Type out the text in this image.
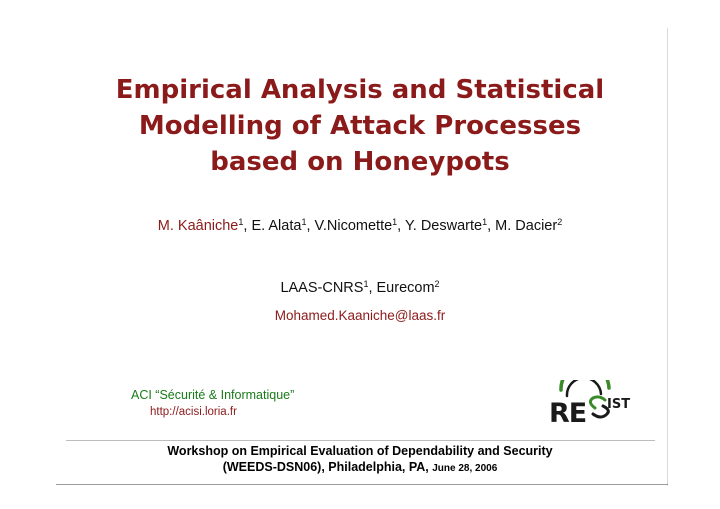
Empirical Analysis and Statistical
Modelling of Attack Processes
based on Honeypots
M. Kaâniche$^1$, E. Alata$^1$, V.Nicomette$^1$, Y. Deswarte$^1$, M. Dacier$^2$
LAAS-CNRS$^1$, Eurecom$^2$
Mohamed.Kaaniche@laas.fr
ACI “Sécurité & Informatique”
http://acisi.loria.fr	RE IST
Workshop on Empirical Evaluation of Dependability and Security
(WEEDS-DSN06), Philadelphia, PA, June 28, 2006
